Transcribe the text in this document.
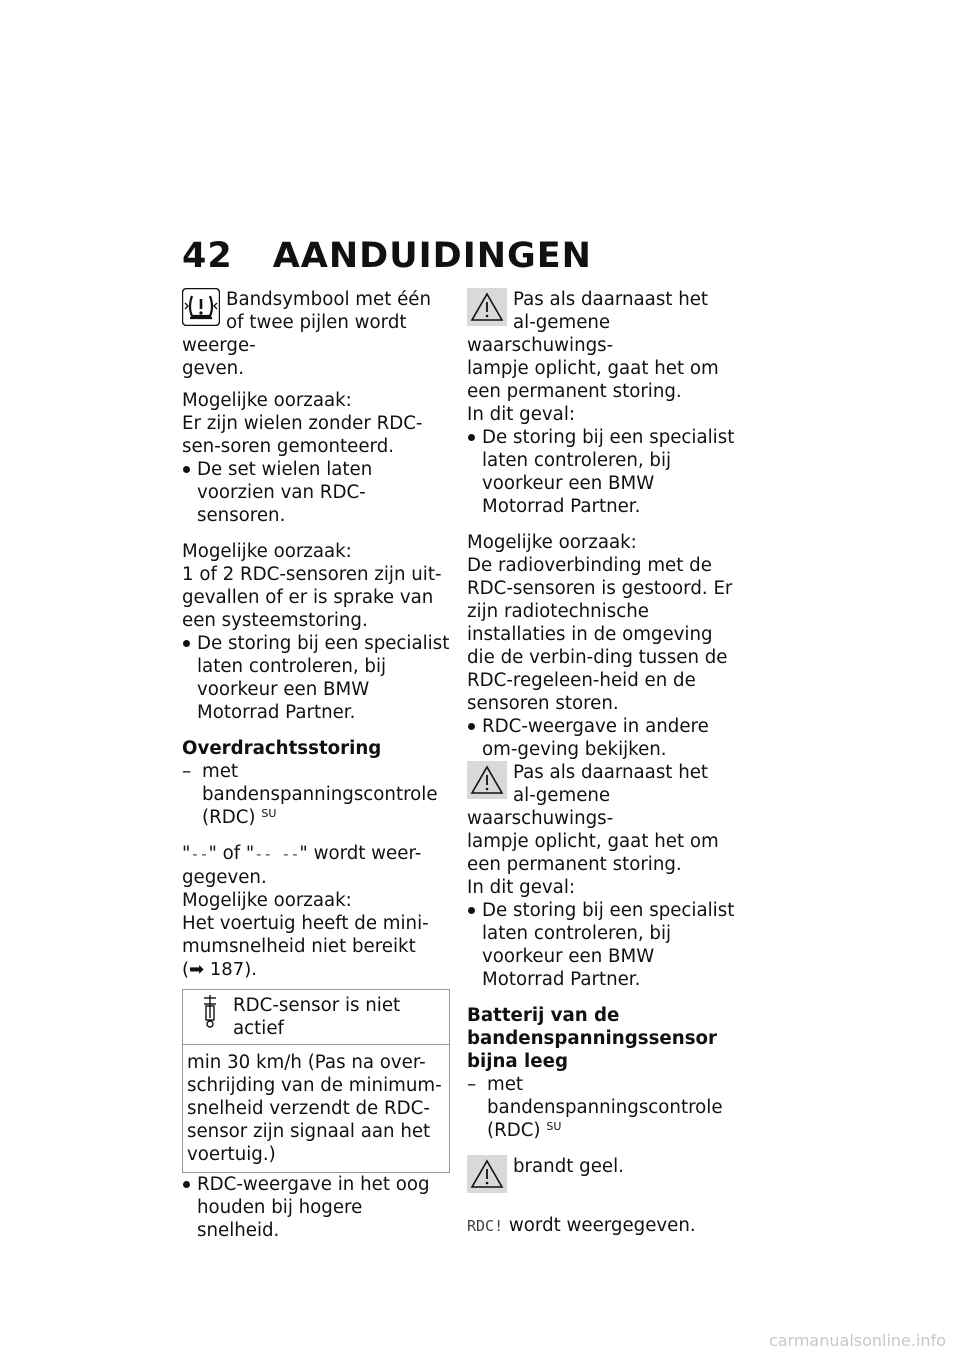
42 AANDUIDINGEN

Bandsymbool met één of twee pijlen wordt weerge-

geven.

Mogelijke oorzaak:

Er zijn wielen zonder RDC-sen-soren gemonteerd.

De set wielen laten voorzien van RDC-sensoren.

Mogelijke oorzaak:

1 of 2 RDC-sensoren zijn uit-gevallen of er is sprake van een systeemstoring.

De storing bij een specialist laten controleren, bij voorkeur een BMW Motorrad Partner.

Overdrachtsstoring

– met bandenspanningscontrole (RDC) $^{SU}$

"--" of "-- --" wordt weer-gegeven.

Mogelijke oorzaak:

Het voertuig heeft de mini-mumsnelheid niet bereikt

(➡ 187).

RDC-sensor is niet actief
min 30 km/h (Pas na over-schrijding van de minimum-snelheid verzendt de RDC-sensor zijn signaal aan het voertuig.)

RDC-weergave in het oog houden bij hogere snelheid.

Pas als daarnaast het al-gemene waarschuwings-

lampje oplicht, gaat het om een permanent storing.

In dit geval:

De storing bij een specialist laten controleren, bij voorkeur een BMW Motorrad Partner.

Mogelijke oorzaak:

De radioverbinding met de RDC-sensoren is gestoord. Er zijn radiotechnische installaties in de omgeving die de verbin-ding tussen de RDC-regeleen-heid en de sensoren storen.

RDC-weergave in andere om-geving bekijken.

Pas als daarnaast het al-gemene waarschuwings-

lampje oplicht, gaat het om een permanent storing.

In dit geval:

De storing bij een specialist laten controleren, bij voorkeur een BMW Motorrad Partner.

Batterij van de bandenspanningssensor bijna leeg

– met bandenspanningscontrole (RDC) $^{SU}$

brandt geel.

RDC! wordt weergegeven.

carmanualsonline.info
